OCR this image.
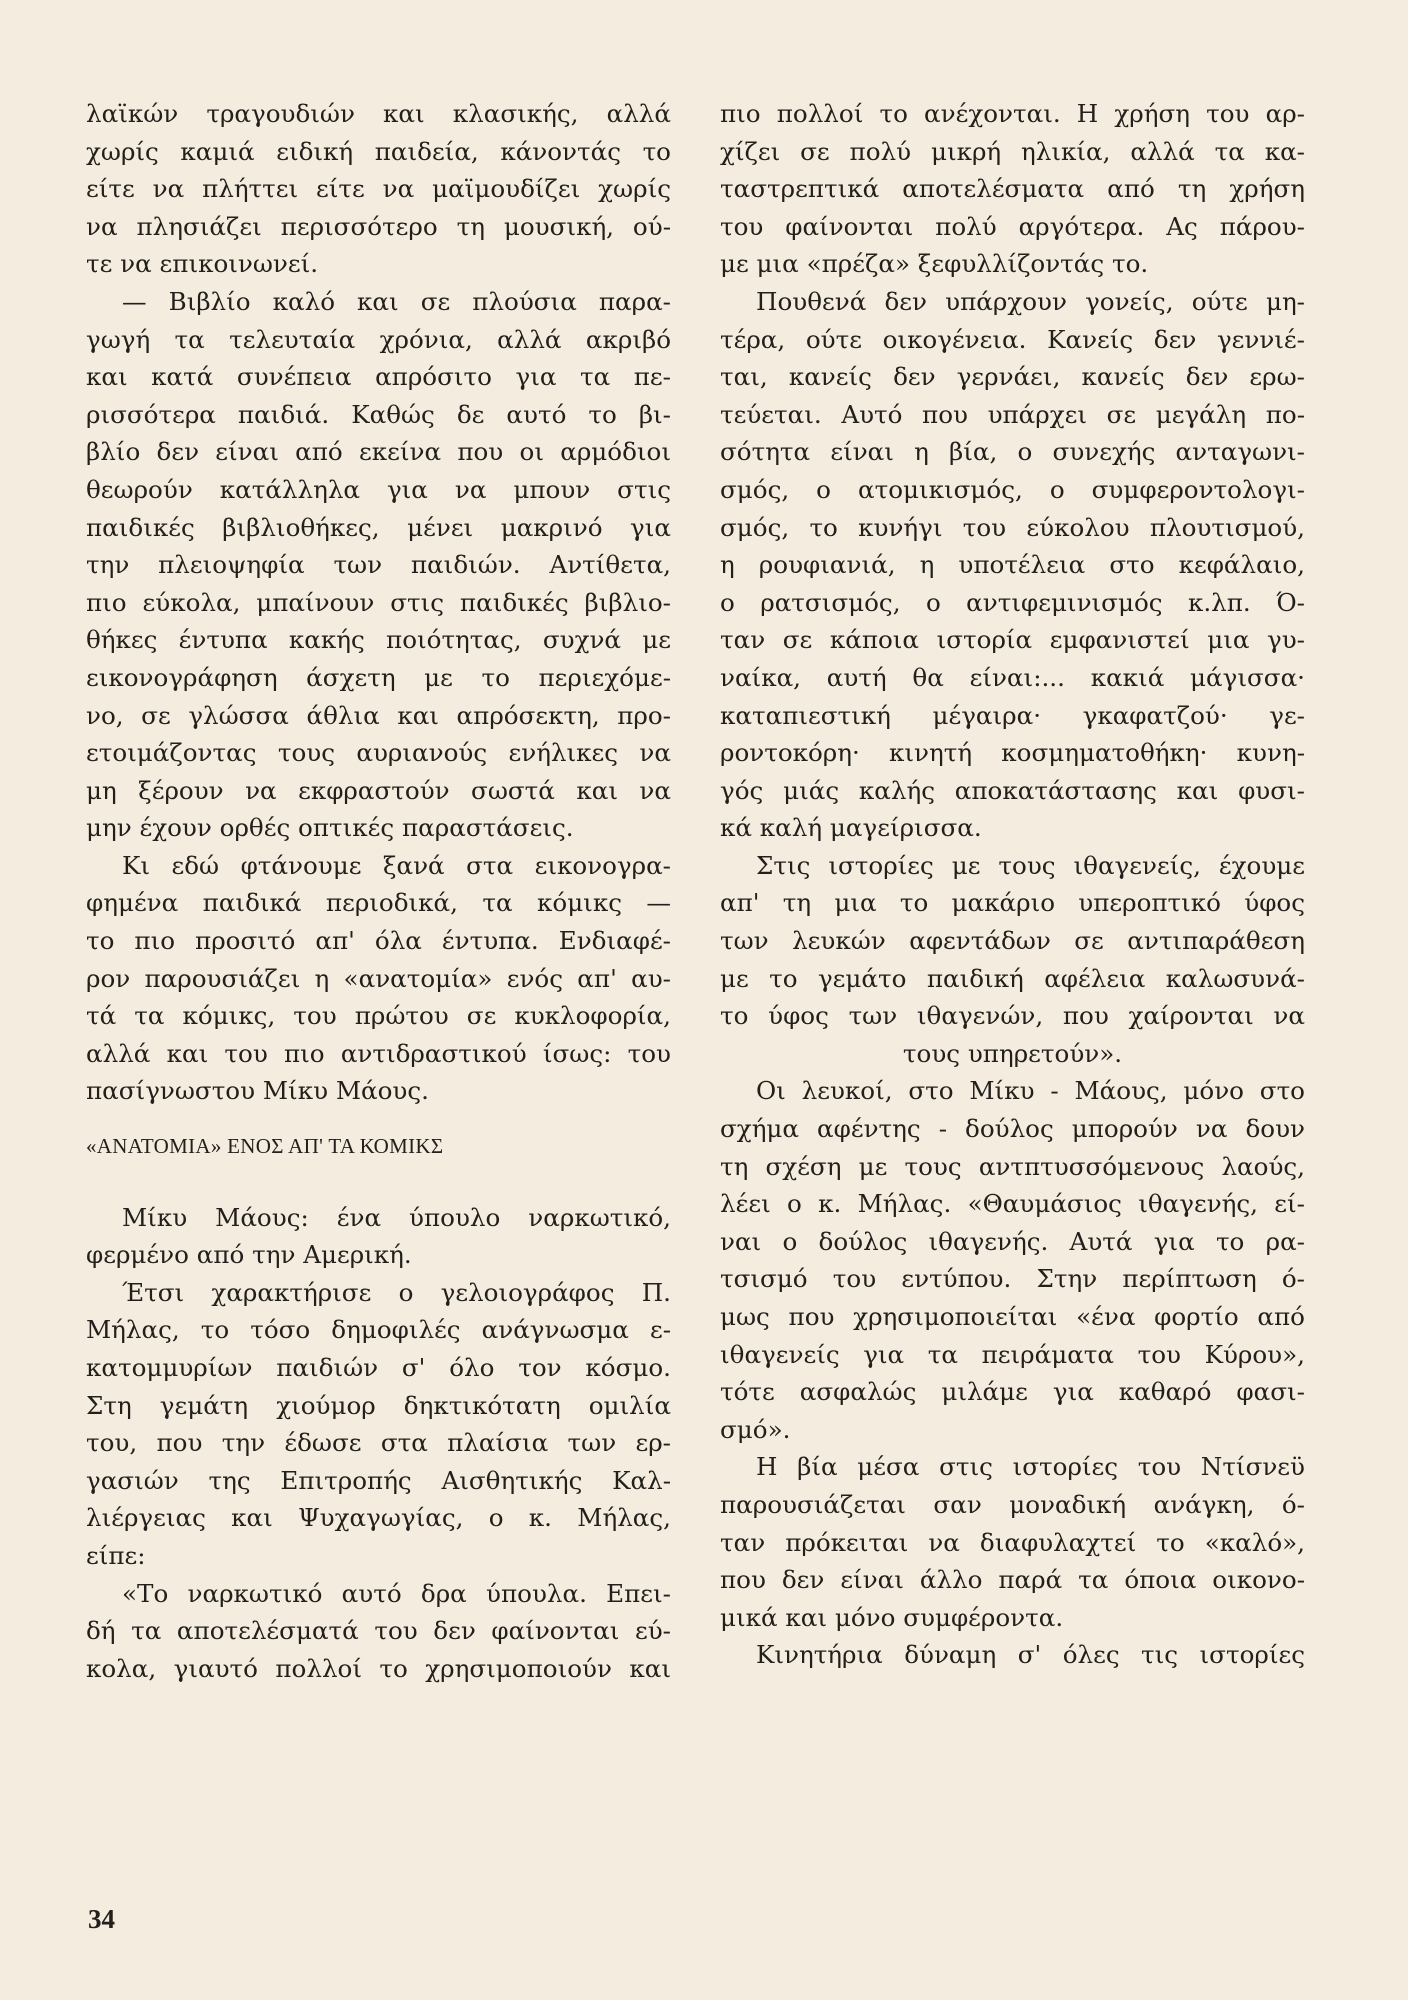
λαϊκών τραγουδιών και κλασικής, αλλά
χωρίς καμιά ειδική παιδεία, κάνοντάς το
είτε να πλήττει είτε να μαϊμουδίζει χωρίς
να πλησιάζει περισσότερο τη μουσική, ού-
τε να επικοινωνεί.
— Βιβλίο καλό και σε πλούσια παρα-
γωγή τα τελευταία χρόνια, αλλά ακριβό
και κατά συνέπεια απρόσιτο για τα πε-
ρισσότερα παιδιά. Καθώς δε αυτό το βι-
βλίο δεν είναι από εκείνα που οι αρμόδιοι
θεωρούν κατάλληλα για να μπουν στις
παιδικές βιβλιοθήκες, μένει μακρινό για
την πλειοψηφία των παιδιών. Αντίθετα,
πιο εύκολα, μπαίνουν στις παιδικές βιβλιο-
θήκες έντυπα κακής ποιότητας, συχνά με
εικονογράφηση άσχετη με το περιεχόμε-
νο, σε γλώσσα άθλια και απρόσεκτη, προ-
ετοιμάζοντας τους αυριανούς ενήλικες να
μη ξέρουν να εκφραστούν σωστά και να
μην έχουν ορθές οπτικές παραστάσεις.
Κι εδώ φτάνουμε ξανά στα εικονογρα-
φημένα παιδικά περιοδικά, τα κόμικς —
το πιο προσιτό απ' όλα έντυπα. Ενδιαφέ-
ρον παρουσιάζει η «ανατομία» ενός απ' αυ-
τά τα κόμικς, του πρώτου σε κυκλοφορία,
αλλά και του πιο αντιδραστικού ίσως: του
πασίγνωστου Μίκυ Μάους.
«ΑΝΑΤΟΜΙΑ» ΕΝΟΣ ΑΠ' ΤΑ ΚΟΜΙΚΣ
Μίκυ Μάους: ένα ύπουλο ναρκωτικό,
φερμένο από την Αμερική.
Έτσι χαρακτήρισε ο γελοιογράφος Π.
Μήλας, το τόσο δημοφιλές ανάγνωσμα ε-
κατομμυρίων παιδιών σ' όλο τον κόσμο.
Στη γεμάτη χιούμορ δηκτικότατη ομιλία
του, που την έδωσε στα πλαίσια των ερ-
γασιών της Επιτροπής Αισθητικής Καλ-
λιέργειας και Ψυχαγωγίας, ο κ. Μήλας,
είπε:
«Το ναρκωτικό αυτό δρα ύπουλα. Επει-
δή τα αποτελέσματά του δεν φαίνονται εύ-
κολα, γιαυτό πολλοί το χρησιμοποιούν και
πιο πολλοί το ανέχονται. Η χρήση του αρ-
χίζει σε πολύ μικρή ηλικία, αλλά τα κα-
ταστρεπτικά αποτελέσματα από τη χρήση
του φαίνονται πολύ αργότερα. Ας πάρου-
με μια «πρέζα» ξεφυλλίζοντάς το.
Πουθενά δεν υπάρχουν γονείς, ούτε μη-
τέρα, ούτε οικογένεια. Κανείς δεν γεννιέ-
ται, κανείς δεν γερνάει, κανείς δεν ερω-
τεύεται. Αυτό που υπάρχει σε μεγάλη πο-
σότητα είναι η βία, ο συνεχής ανταγωνι-
σμός, ο ατομικισμός, ο συμφεροντολογι-
σμός, το κυνήγι του εύκολου πλουτισμού,
η ρουφιανιά, η υποτέλεια στο κεφάλαιο,
ο ρατσισμός, ο αντιφεμινισμός κ.λπ. Ό-
ταν σε κάποια ιστορία εμφανιστεί μια γυ-
ναίκα, αυτή θα είναι:... κακιά μάγισσα·
καταπιεστική μέγαιρα· γκαφατζού· γε-
ροντοκόρη· κινητή κοσμηματοθήκη· κυνη-
γός μιάς καλής αποκατάστασης και φυσι-
κά καλή μαγείρισσα.
Στις ιστορίες με τους ιθαγενείς, έχουμε
απ' τη μια το μακάριο υπεροπτικό ύφος
των λευκών αφεντάδων σε αντιπαράθεση
με το γεμάτο παιδική αφέλεια καλωσυνά-
το ύφος των ιθαγενών, που χαίρονται να
τους υπηρετούν».
Οι λευκοί, στο Μίκυ - Μάους, μόνο στο
σχήμα αφέντης - δούλος μπορούν να δουν
τη σχέση με τους αντπτυσσόμενους λαούς,
λέει ο κ. Μήλας. «Θαυμάσιος ιθαγενής, εί-
ναι ο δούλος ιθαγενής. Αυτά για το ρα-
τσισμό του εντύπου. Στην περίπτωση ό-
μως που χρησιμοποιείται «ένα φορτίο από
ιθαγενείς για τα πειράματα του Κύρου»,
τότε ασφαλώς μιλάμε για καθαρό φασι-
σμό».
Η βία μέσα στις ιστορίες του Ντίσνεϋ
παρουσιάζεται σαν μοναδική ανάγκη, ό-
ταν πρόκειται να διαφυλαχτεί το «καλό»,
που δεν είναι άλλο παρά τα όποια οικονο-
μικά και μόνο συμφέροντα.
Κινητήρια δύναμη σ' όλες τις ιστορίες
34
